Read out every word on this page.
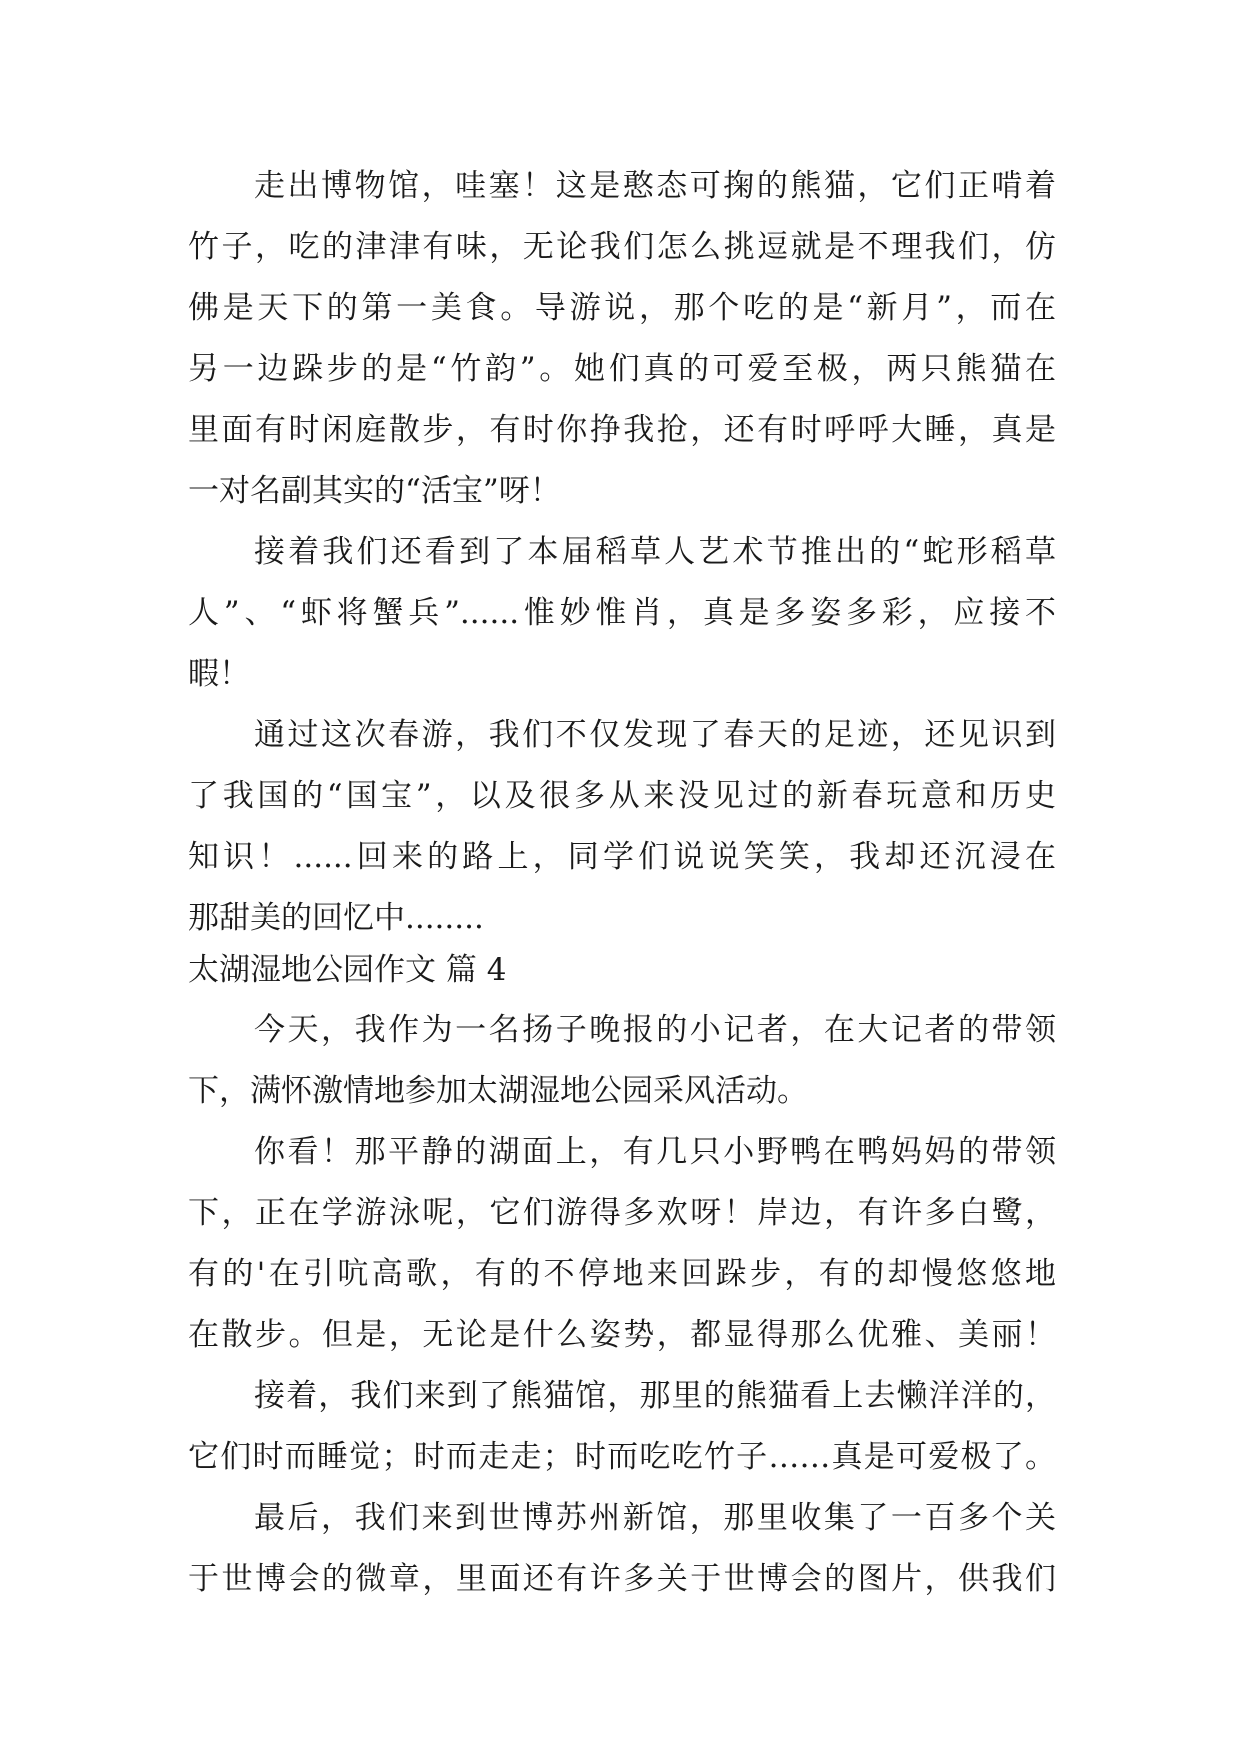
走出博物馆，哇塞！这是憨态可掬的熊猫，它们正啃着
竹子，吃的津津有味，无论我们怎么挑逗就是不理我们，仿
佛是天下的第一美食。导游说，那个吃的是“新月”，而在
另一边跺步的是“竹韵”。她们真的可爱至极，两只熊猫在
里面有时闲庭散步，有时你挣我抢，还有时呼呼大睡，真是
一对名副其实的“活宝”呀！
接着我们还看到了本届稻草人艺术节推出的“蛇形稻草
人”、“虾将蟹兵”......惟妙惟肖，真是多姿多彩，应接不
暇！
通过这次春游，我们不仅发现了春天的足迹，还见识到
了我国的“国宝”，以及很多从来没见过的新春玩意和历史
知识！......回来的路上，同学们说说笑笑，我却还沉浸在
那甜美的回忆中........
太湖湿地公园作文 篇 4
今天，我作为一名扬子晚报的小记者，在大记者的带领
下，满怀激情地参加太湖湿地公园采风活动。
你看！那平静的湖面上，有几只小野鸭在鸭妈妈的带领
下，正在学游泳呢，它们游得多欢呀！岸边，有许多白鹭，
有的'在引吭高歌，有的不停地来回跺步，有的却慢悠悠地
在散步。但是，无论是什么姿势，都显得那么优雅、美丽！
接着，我们来到了熊猫馆，那里的熊猫看上去懒洋洋的，
它们时而睡觉；时而走走；时而吃吃竹子……真是可爱极了。
最后，我们来到世博苏州新馆，那里收集了一百多个关
于世博会的微章，里面还有许多关于世博会的图片，供我们
